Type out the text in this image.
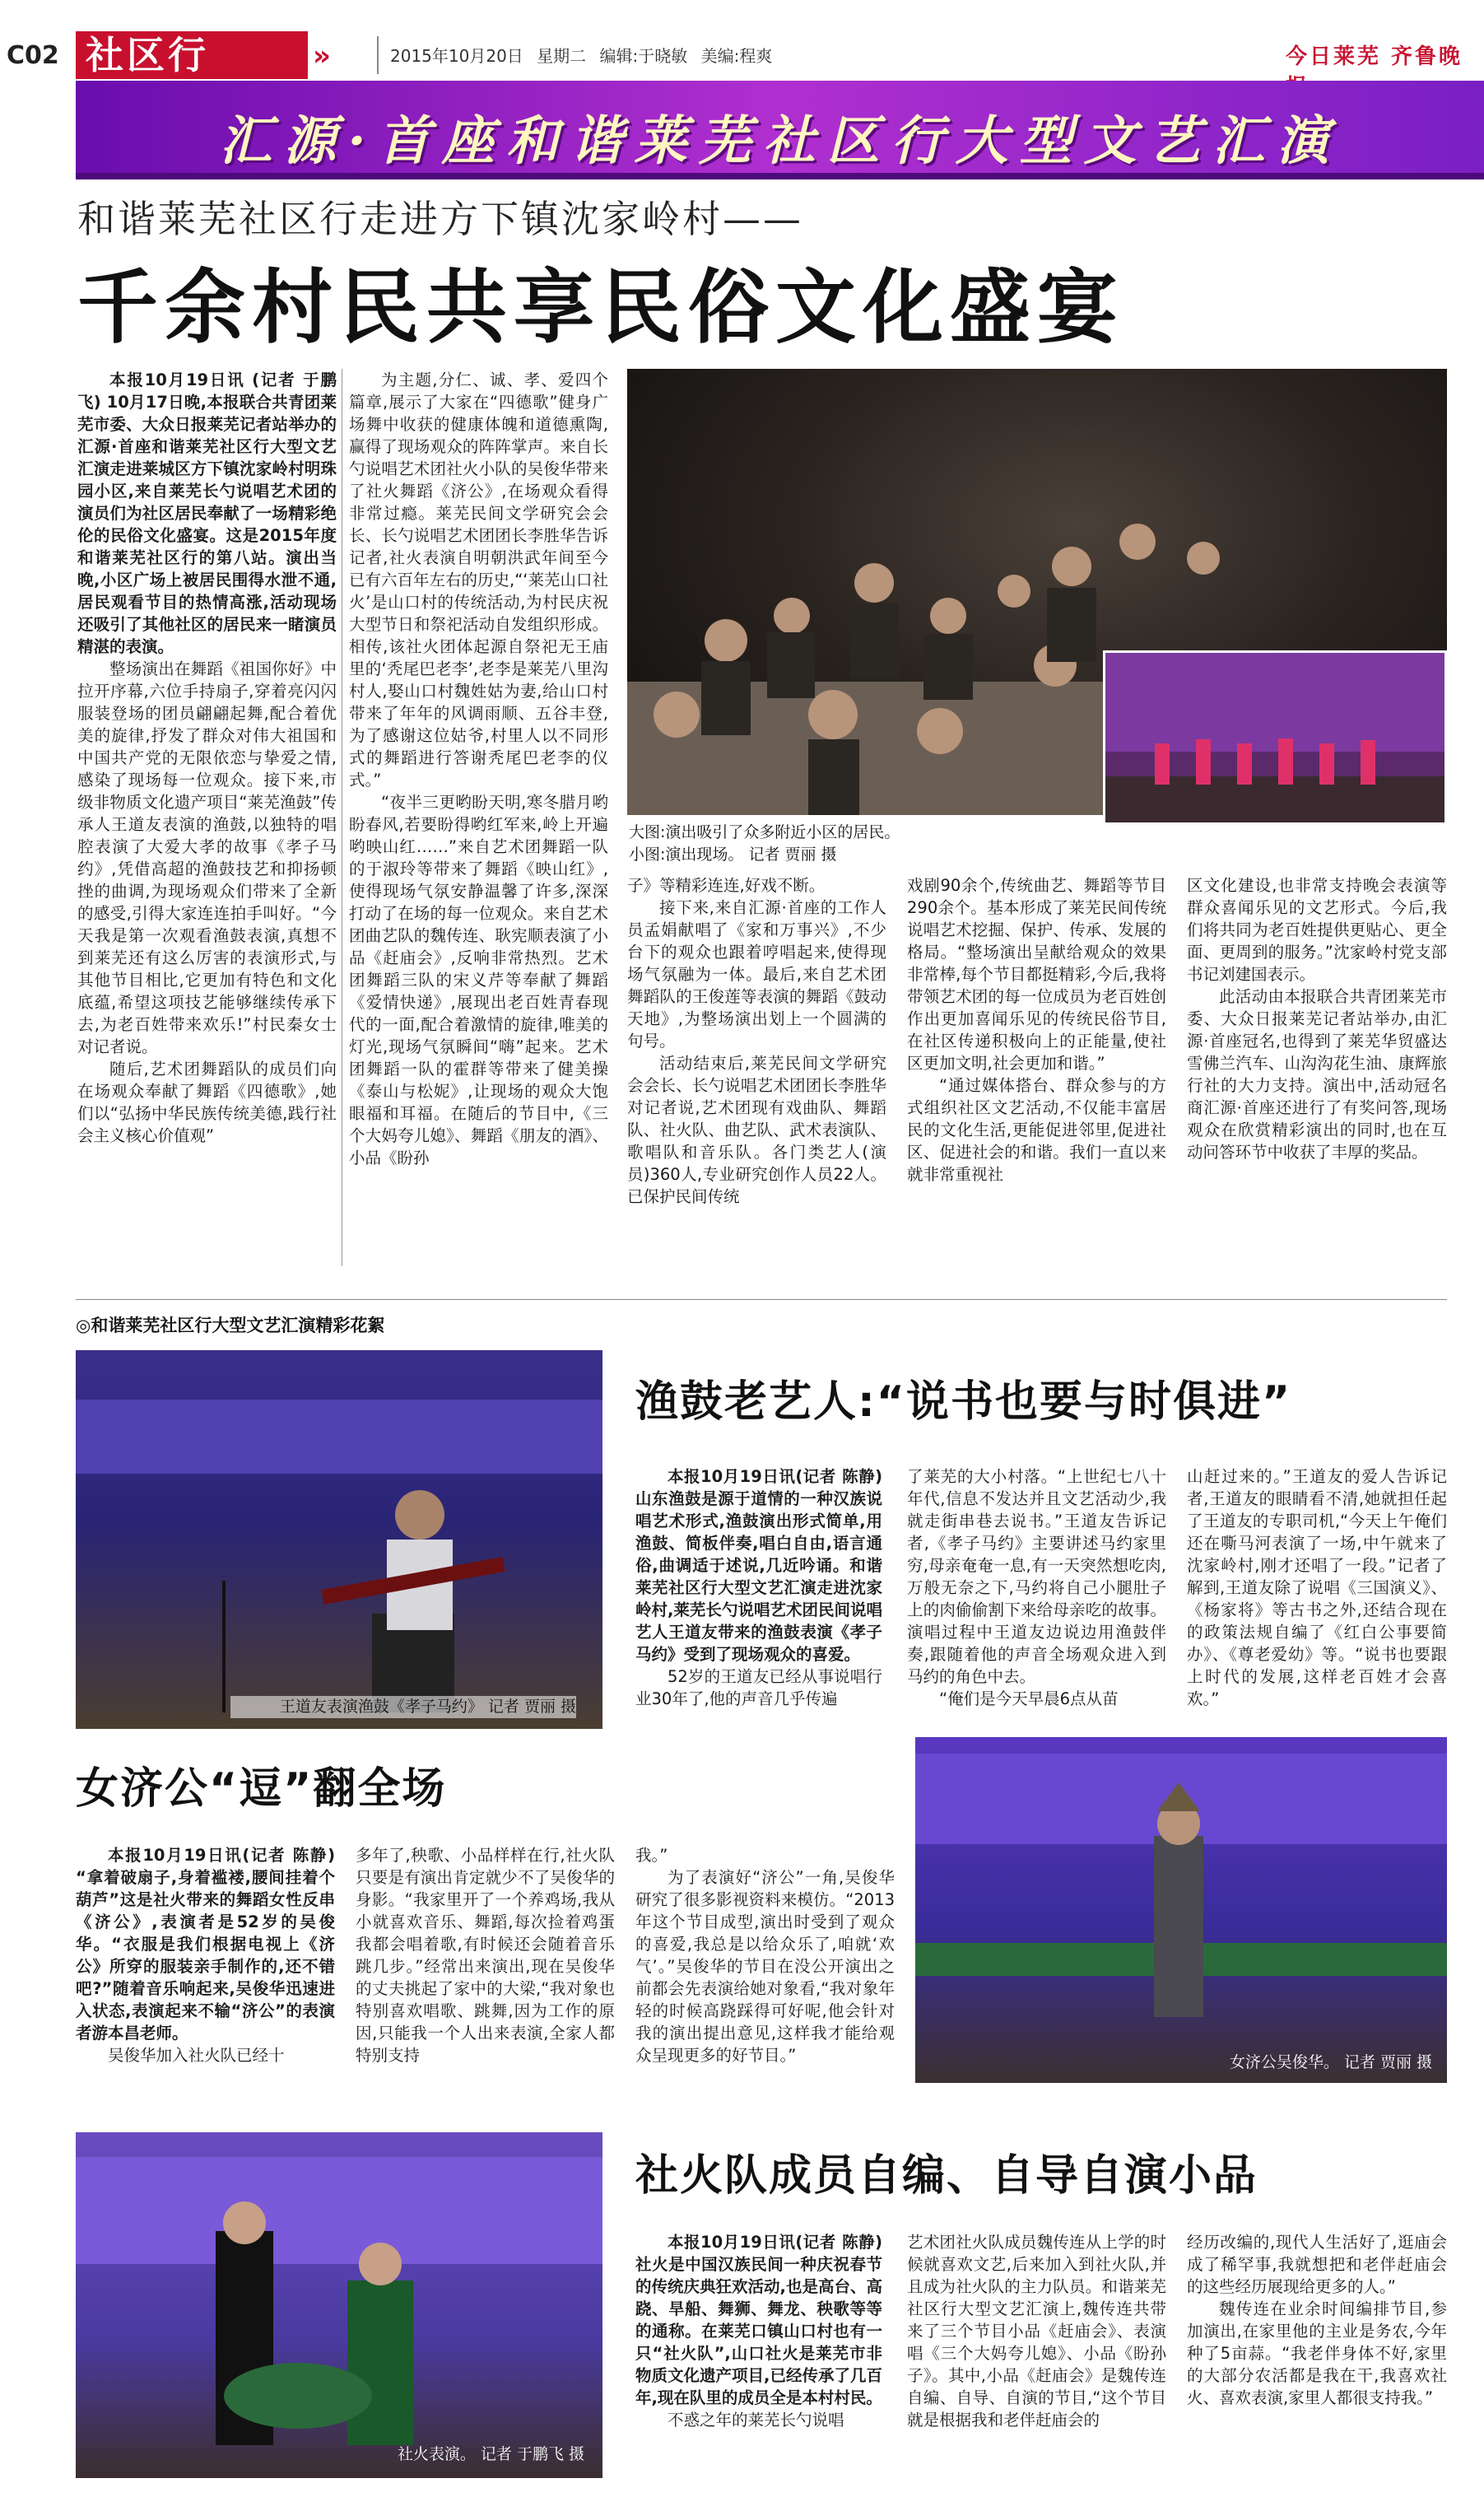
C02 社区行	»	2015年10月20日 星期二 编辑:于晓敏 美编:程爽	今日莱芜 齐鲁晚
汇源·首座和谐莱芜社区行大型文艺汇演
和谐莱芜社区行走进方下镇沈家岭村——
千余村民共享民俗文化盛宴

本报10月19日讯 (记者 于鹏飞) 10月17日晚,本报联合共青团莱芜市委、大众日报莱芜记者站举办的汇源·首座和谐莱芜社区行大型文艺汇演走进莱城区方下镇沈家岭村明珠园小区,来自莱芜长勺说唱艺术团的演员们为社区居民奉献了一场精彩绝伦的民俗文化盛宴。这是2015年度和谐莱芜社区行的第八站。演出当晚,小区广场上被居民围得水泄不通,居民观看节目的热情高涨,活动现场还吸引了其他社区的居民来一睹演员精湛的表演。

整场演出在舞蹈《祖国你好》中拉开序幕,六位手持扇子,穿着亮闪闪服装登场的团员翩翩起舞,配合着优美的旋律,抒发了群众对伟大祖国和中国共产党的无限依恋与挚爱之情,感染了现场每一位观众。接下来,市级非物质文化遗产项目“莱芜渔鼓”传承人王道友表演的渔鼓,以独特的唱腔表演了大爱大孝的故事《孝子马约》,凭借高超的渔鼓技艺和抑扬顿挫的曲调,为现场观众们带来了全新的感受,引得大家连连拍手叫好。“今天我是第一次观看渔鼓表演,真想不到莱芜还有这么厉害的表演形式,与其他节目相比,它更加有特色和文化底蕴,希望这项技艺能够继续传承下去,为老百姓带来欢乐!”村民秦女士对记者说。

随后,艺术团舞蹈队的成员们向在场观众奉献了舞蹈《四德歌》,她们以“弘扬中华民族传统美德,践行社会主义核心价值观”

为主题,分仁、诚、孝、爱四个篇章,展示了大家在“四德歌”健身广场舞中收获的健康体魄和道德熏陶,赢得了现场观众的阵阵掌声。来自长勺说唱艺术团社火小队的吴俊华带来了社火舞蹈《济公》,在场观众看得非常过瘾。莱芜民间文学研究会会长、长勺说唱艺术团团长李胜华告诉记者,社火表演自明朝洪武年间至今已有六百年左右的历史,“‘莱芜山口社火’是山口村的传统活动,为村民庆祝大型节日和祭祀活动自发组织形成。相传,该社火团体起源自祭祀无王庙里的‘秃尾巴老李’,老李是莱芜八里沟村人,娶山口村魏姓姑为妻,给山口村带来了年年的风调雨顺、五谷丰登,为了感谢这位姑爷,村里人以不同形式的舞蹈进行答谢秃尾巴老李的仪式。”

“夜半三更哟盼天明,寒冬腊月哟盼春风,若要盼得哟红军来,岭上开遍哟映山红……”来自艺术团舞蹈一队的于淑玲等带来了舞蹈《映山红》,使得现场气氛安静温馨了许多,深深打动了在场的每一位观众。来自艺术团曲艺队的魏传连、耿宪顺表演了小品《赶庙会》,反响非常热烈。艺术团舞蹈三队的宋义芹等奉献了舞蹈《爱情快递》,展现出老百姓青春现代的一面,配合着激情的旋律,唯美的灯光,现场气氛瞬间“嗨”起来。艺术团舞蹈一队的霍群等带来了健美操《泰山与松妮》,让现场的观众大饱眼福和耳福。在随后的节目中,《三个大妈夸儿媳》、舞蹈《朋友的酒》、小品《盼孙

大图:演出吸引了众多附近小区的居民。
小图:演出现场。 记者 贾丽 摄

子》等精彩连连,好戏不断。

接下来,来自汇源·首座的工作人员孟娟献唱了《家和万事兴》,不少台下的观众也跟着哼唱起来,使得现场气氛融为一体。最后,来自艺术团舞蹈队的王俊莲等表演的舞蹈《鼓动天地》,为整场演出划上一个圆满的句号。

活动结束后,莱芜民间文学研究会会长、长勺说唱艺术团团长李胜华对记者说,艺术团现有戏曲队、舞蹈队、社火队、曲艺队、武术表演队、歌唱队和音乐队。各门类艺人(演员)360人,专业研究创作人员22人。已保护民间传统

戏剧90余个,传统曲艺、舞蹈等节目290余个。基本形成了莱芜民间传统说唱艺术挖掘、保护、传承、发展的格局。“整场演出呈献给观众的效果非常棒,每个节目都挺精彩,今后,我将带领艺术团的每一位成员为老百姓创作出更加喜闻乐见的传统民俗节目,在社区传递积极向上的正能量,使社区更加文明,社会更加和谐。”

“通过媒体搭台、群众参与的方式组织社区文艺活动,不仅能丰富居民的文化生活,更能促进邻里,促进社区、促进社会的和谐。我们一直以来就非常重视社

区文化建设,也非常支持晚会表演等群众喜闻乐见的文艺形式。今后,我们将共同为老百姓提供更贴心、更全面、更周到的服务。”沈家岭村党支部书记刘建国表示。

此活动由本报联合共青团莱芜市委、大众日报莱芜记者站举办,由汇源·首座冠名,也得到了莱芜华贸盛达雪佛兰汽车、山沟沟花生油、康辉旅行社的大力支持。演出中,活动冠名商汇源·首座还进行了有奖问答,现场观众在欣赏精彩演出的同时,也在互动问答环节中收获了丰厚的奖品。

◎和谐莱芜社区行大型文艺汇演精彩花絮
王道友表演渔鼓《孝子马约》 记者 贾丽 摄
渔鼓老艺人:“说书也要与时俱进”

本报10月19日讯(记者 陈静) 山东渔鼓是源于道情的一种汉族说唱艺术形式,渔鼓演出形式简单,用渔鼓、简板伴奏,唱白自由,语言通俗,曲调适于述说,几近吟诵。和谐莱芜社区行大型文艺汇演走进沈家岭村,莱芜长勺说唱艺术团民间说唱艺人王道友带来的渔鼓表演《孝子马约》受到了现场观众的喜爱。

52岁的王道友已经从事说唱行业30年了,他的声音几乎传遍

了莱芜的大小村落。“上世纪七八十年代,信息不发达并且文艺活动少,我就走街串巷去说书。”王道友告诉记者,《孝子马约》主要讲述马约家里穷,母亲奄奄一息,有一天突然想吃肉,万般无奈之下,马约将自己小腿肚子上的肉偷偷割下来给母亲吃的故事。演唱过程中王道友边说边用渔鼓伴奏,跟随着他的声音全场观众进入到马约的角色中去。

“俺们是今天早晨6点从苗

山赶过来的。”王道友的爱人告诉记者,王道友的眼睛看不清,她就担任起了王道友的专职司机,“今天上午俺们还在嘶马河表演了一场,中午就来了沈家岭村,刚才还唱了一段。”记者了解到,王道友除了说唱《三国演义》、《杨家将》等古书之外,还结合现在的政策法规自编了《红白公事要简办》、《尊老爱幼》等。“说书也要跟上时代的发展,这样老百姓才会喜欢。”

女济公“逗”翻全场

本报10月19日讯(记者 陈静) “拿着破扇子,身着褴褛,腰间挂着个葫芦”这是社火带来的舞蹈女性反串《济公》,表演者是52岁的吴俊华。“衣服是我们根据电视上《济公》所穿的服装亲手制作的,还不错吧?”随着音乐响起来,吴俊华迅速进入状态,表演起来不输“济公”的表演者游本昌老师。

吴俊华加入社火队已经十

多年了,秧歌、小品样样在行,社火队只要是有演出肯定就少不了吴俊华的身影。“我家里开了一个养鸡场,我从小就喜欢音乐、舞蹈,每次捡着鸡蛋我都会唱着歌,有时候还会随着音乐跳几步。”经常出来演出,现在吴俊华的丈夫挑起了家中的大梁,“我对象也特别喜欢唱歌、跳舞,因为工作的原因,只能我一个人出来表演,全家人都特别支持

我。”

为了表演好“济公”一角,吴俊华研究了很多影视资料来模仿。“2013年这个节目成型,演出时受到了观众的喜爱,我总是以给众乐了,咱就‘欢气’。”吴俊华的节目在没公开演出之前都会先表演给她对象看,“我对象年轻的时候高跷踩得可好呢,他会针对我的演出提出意见,这样我才能给观众呈现更多的好节目。”	女济公吴俊华。 记者 贾丽 摄
社火表演。 记者 于鹏飞 摄
社火队成员自编、自导自演小品

本报10月19日讯(记者 陈静) 社火是中国汉族民间一种庆祝春节的传统庆典狂欢活动,也是高台、高跷、旱船、舞狮、舞龙、秧歌等等的通称。在莱芜口镇山口村也有一只“社火队”,山口社火是莱芜市非物质文化遗产项目,已经传承了几百年,现在队里的成员全是本村村民。

不惑之年的莱芜长勺说唱

艺术团社火队成员魏传连从上学的时候就喜欢文艺,后来加入到社火队,并且成为社火队的主力队员。和谐莱芜社区行大型文艺汇演上,魏传连共带来了三个节目小品《赶庙会》、表演唱《三个大妈夸儿媳》、小品《盼孙子》。其中,小品《赶庙会》是魏传连自编、自导、自演的节目,“这个节目就是根据我和老伴赶庙会的

经历改编的,现代人生活好了,逛庙会成了稀罕事,我就想把和老伴赶庙会的这些经历展现给更多的人。”

魏传连在业余时间编排节目,参加演出,在家里他的主业是务农,今年种了5亩蒜。“我老伴身体不好,家里的大部分农活都是我在干,我喜欢社火、喜欢表演,家里人都很支持我。”
